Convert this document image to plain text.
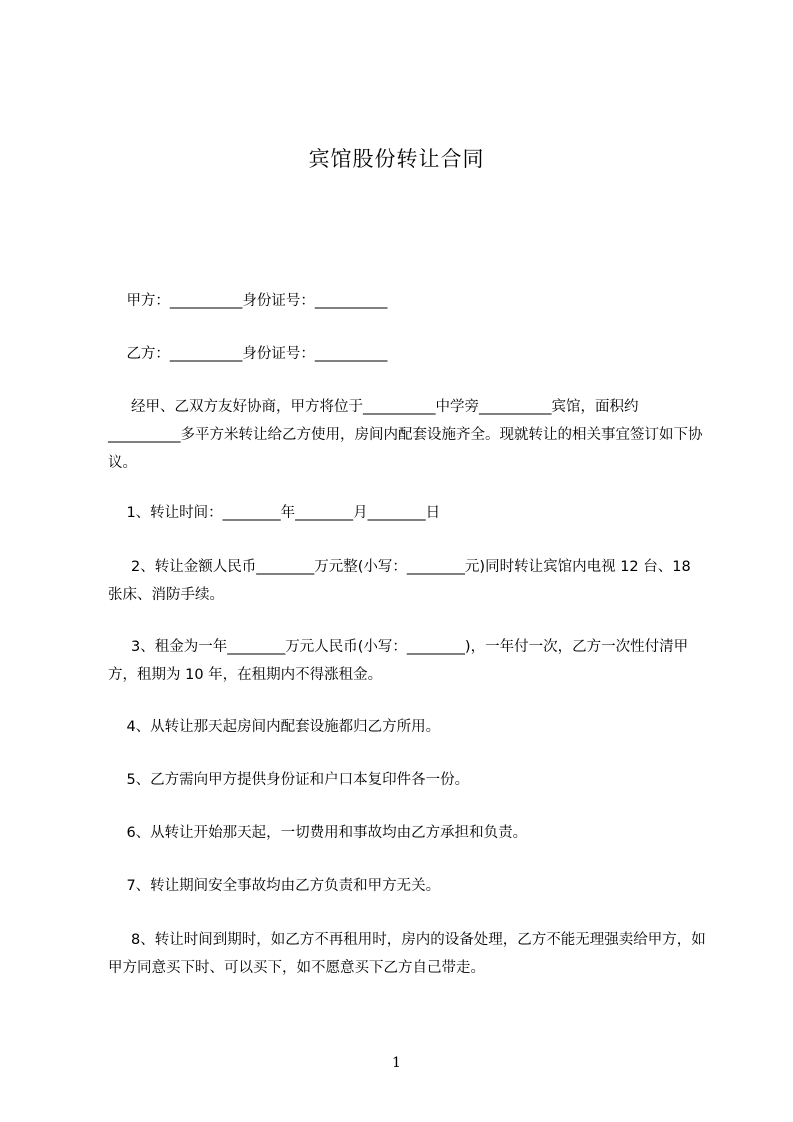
宾馆股份转让合同

甲方：__________身份证号：__________

乙方：__________身份证号：__________

经甲、乙双方友好协商，甲方将位于__________中学旁__________宾馆，面积约__________多平方米转让给乙方使用，房间内配套设施齐全。现就转让的相关事宜签订如下协议。

1、转让时间：________年________月________日

2、转让金额人民币________万元整(小写：________元)同时转让宾馆内电视 12 台、18 张床、消防手续。

3、租金为一年________万元人民币(小写：________)，一年付一次，乙方一次性付清甲方，租期为 10 年，在租期内不得涨租金。

4、从转让那天起房间内配套设施都归乙方所用。

5、乙方需向甲方提供身份证和户口本复印件各一份。

6、从转让开始那天起，一切费用和事故均由乙方承担和负责。

7、转让期间安全事故均由乙方负责和甲方无关。

8、转让时间到期时，如乙方不再租用时，房内的设备处理，乙方不能无理强卖给甲方，如甲方同意买下时、可以买下，如不愿意买下乙方自己带走。

1
